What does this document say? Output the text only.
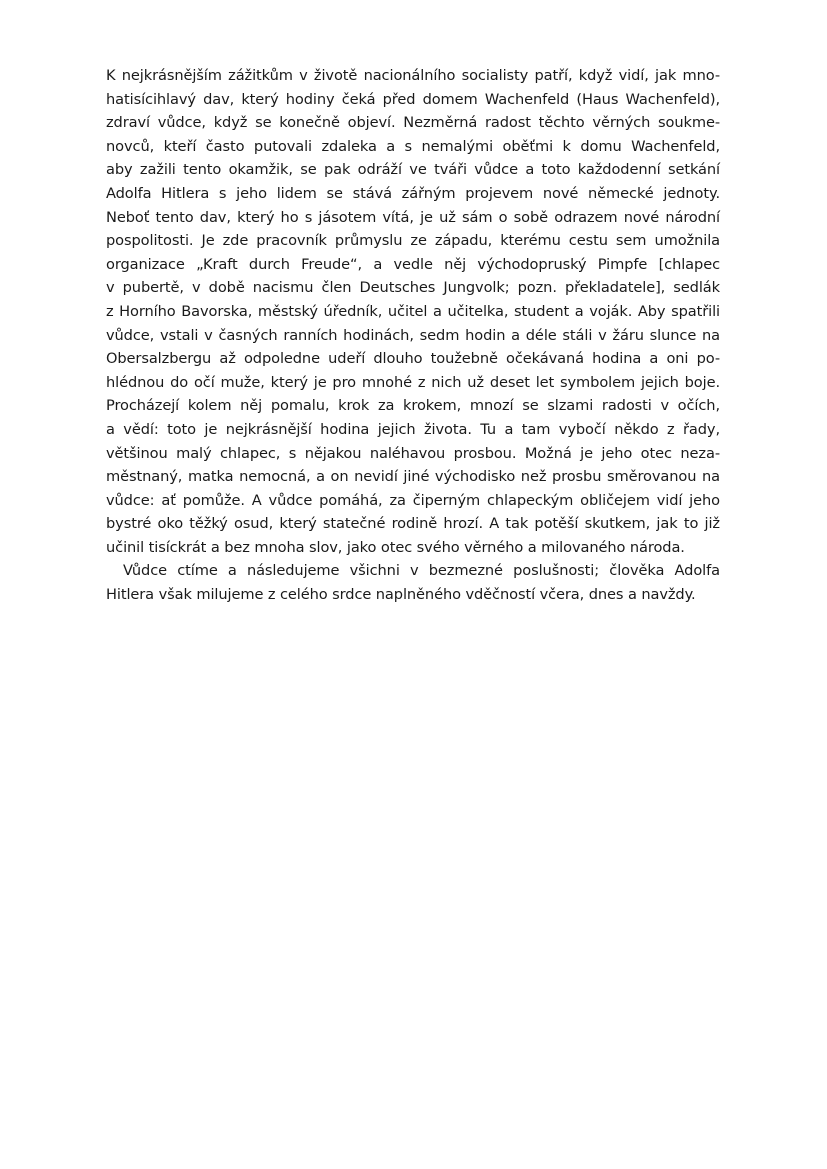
K nejkrásnějším zážitkům v životě nacionálního socialisty patří, když vidí, jak mno-
hatisícihlavý dav, který hodiny čeká před domem Wachenfeld (Haus Wachenfeld),
zdraví vůdce, když se konečně objeví. Nezměrná radost těchto věrných soukme-
novců, kteří často putovali zdaleka a s nemalými oběťmi k domu Wachenfeld,
aby zažili tento okamžik, se pak odráží ve tváři vůdce a toto každodenní setkání
Adolfa Hitlera s jeho lidem se stává zářným projevem nové německé jednoty.
Neboť tento dav, který ho s jásotem vítá, je už sám o sobě odrazem nové národní
pospolitosti. Je zde pracovník průmyslu ze západu, kterému cestu sem umožnila
organizace „Kraft durch Freude“, a vedle něj východopruský Pimpfe [chlapec
v pubertě, v době nacismu člen Deutsches Jungvolk; pozn. překladatele], sedlák
z Horního Bavorska, městský úředník, učitel a učitelka, student a voják. Aby spatřili
vůdce, vstali v časných ranních hodinách, sedm hodin a déle stáli v žáru slunce na
Obersalzbergu až odpoledne udeří dlouho toužebně očekávaná hodina a oni po-
hlédnou do očí muže, který je pro mnohé z nich už deset let symbolem jejich boje.
Procházejí kolem něj pomalu, krok za krokem, mnozí se slzami radosti v očích,
a vědí: toto je nejkrásnější hodina jejich života. Tu a tam vybočí někdo z řady,
většinou malý chlapec, s nějakou naléhavou prosbou. Možná je jeho otec neza-
městnaný, matka nemocná, a on nevidí jiné východisko než prosbu směrovanou na
vůdce: ať pomůže. A vůdce pomáhá, za čiperným chlapeckým obličejem vidí jeho
bystré oko těžký osud, který statečné rodině hrozí. A tak potěší skutkem, jak to již
učinil tisíckrát a bez mnoha slov, jako otec svého věrného a milovaného národa.
Vůdce ctíme a následujeme všichni v bezmezné poslušnosti; člověka Adolfa
Hitlera však milujeme z celého srdce naplněného vděčností včera, dnes a navždy.
